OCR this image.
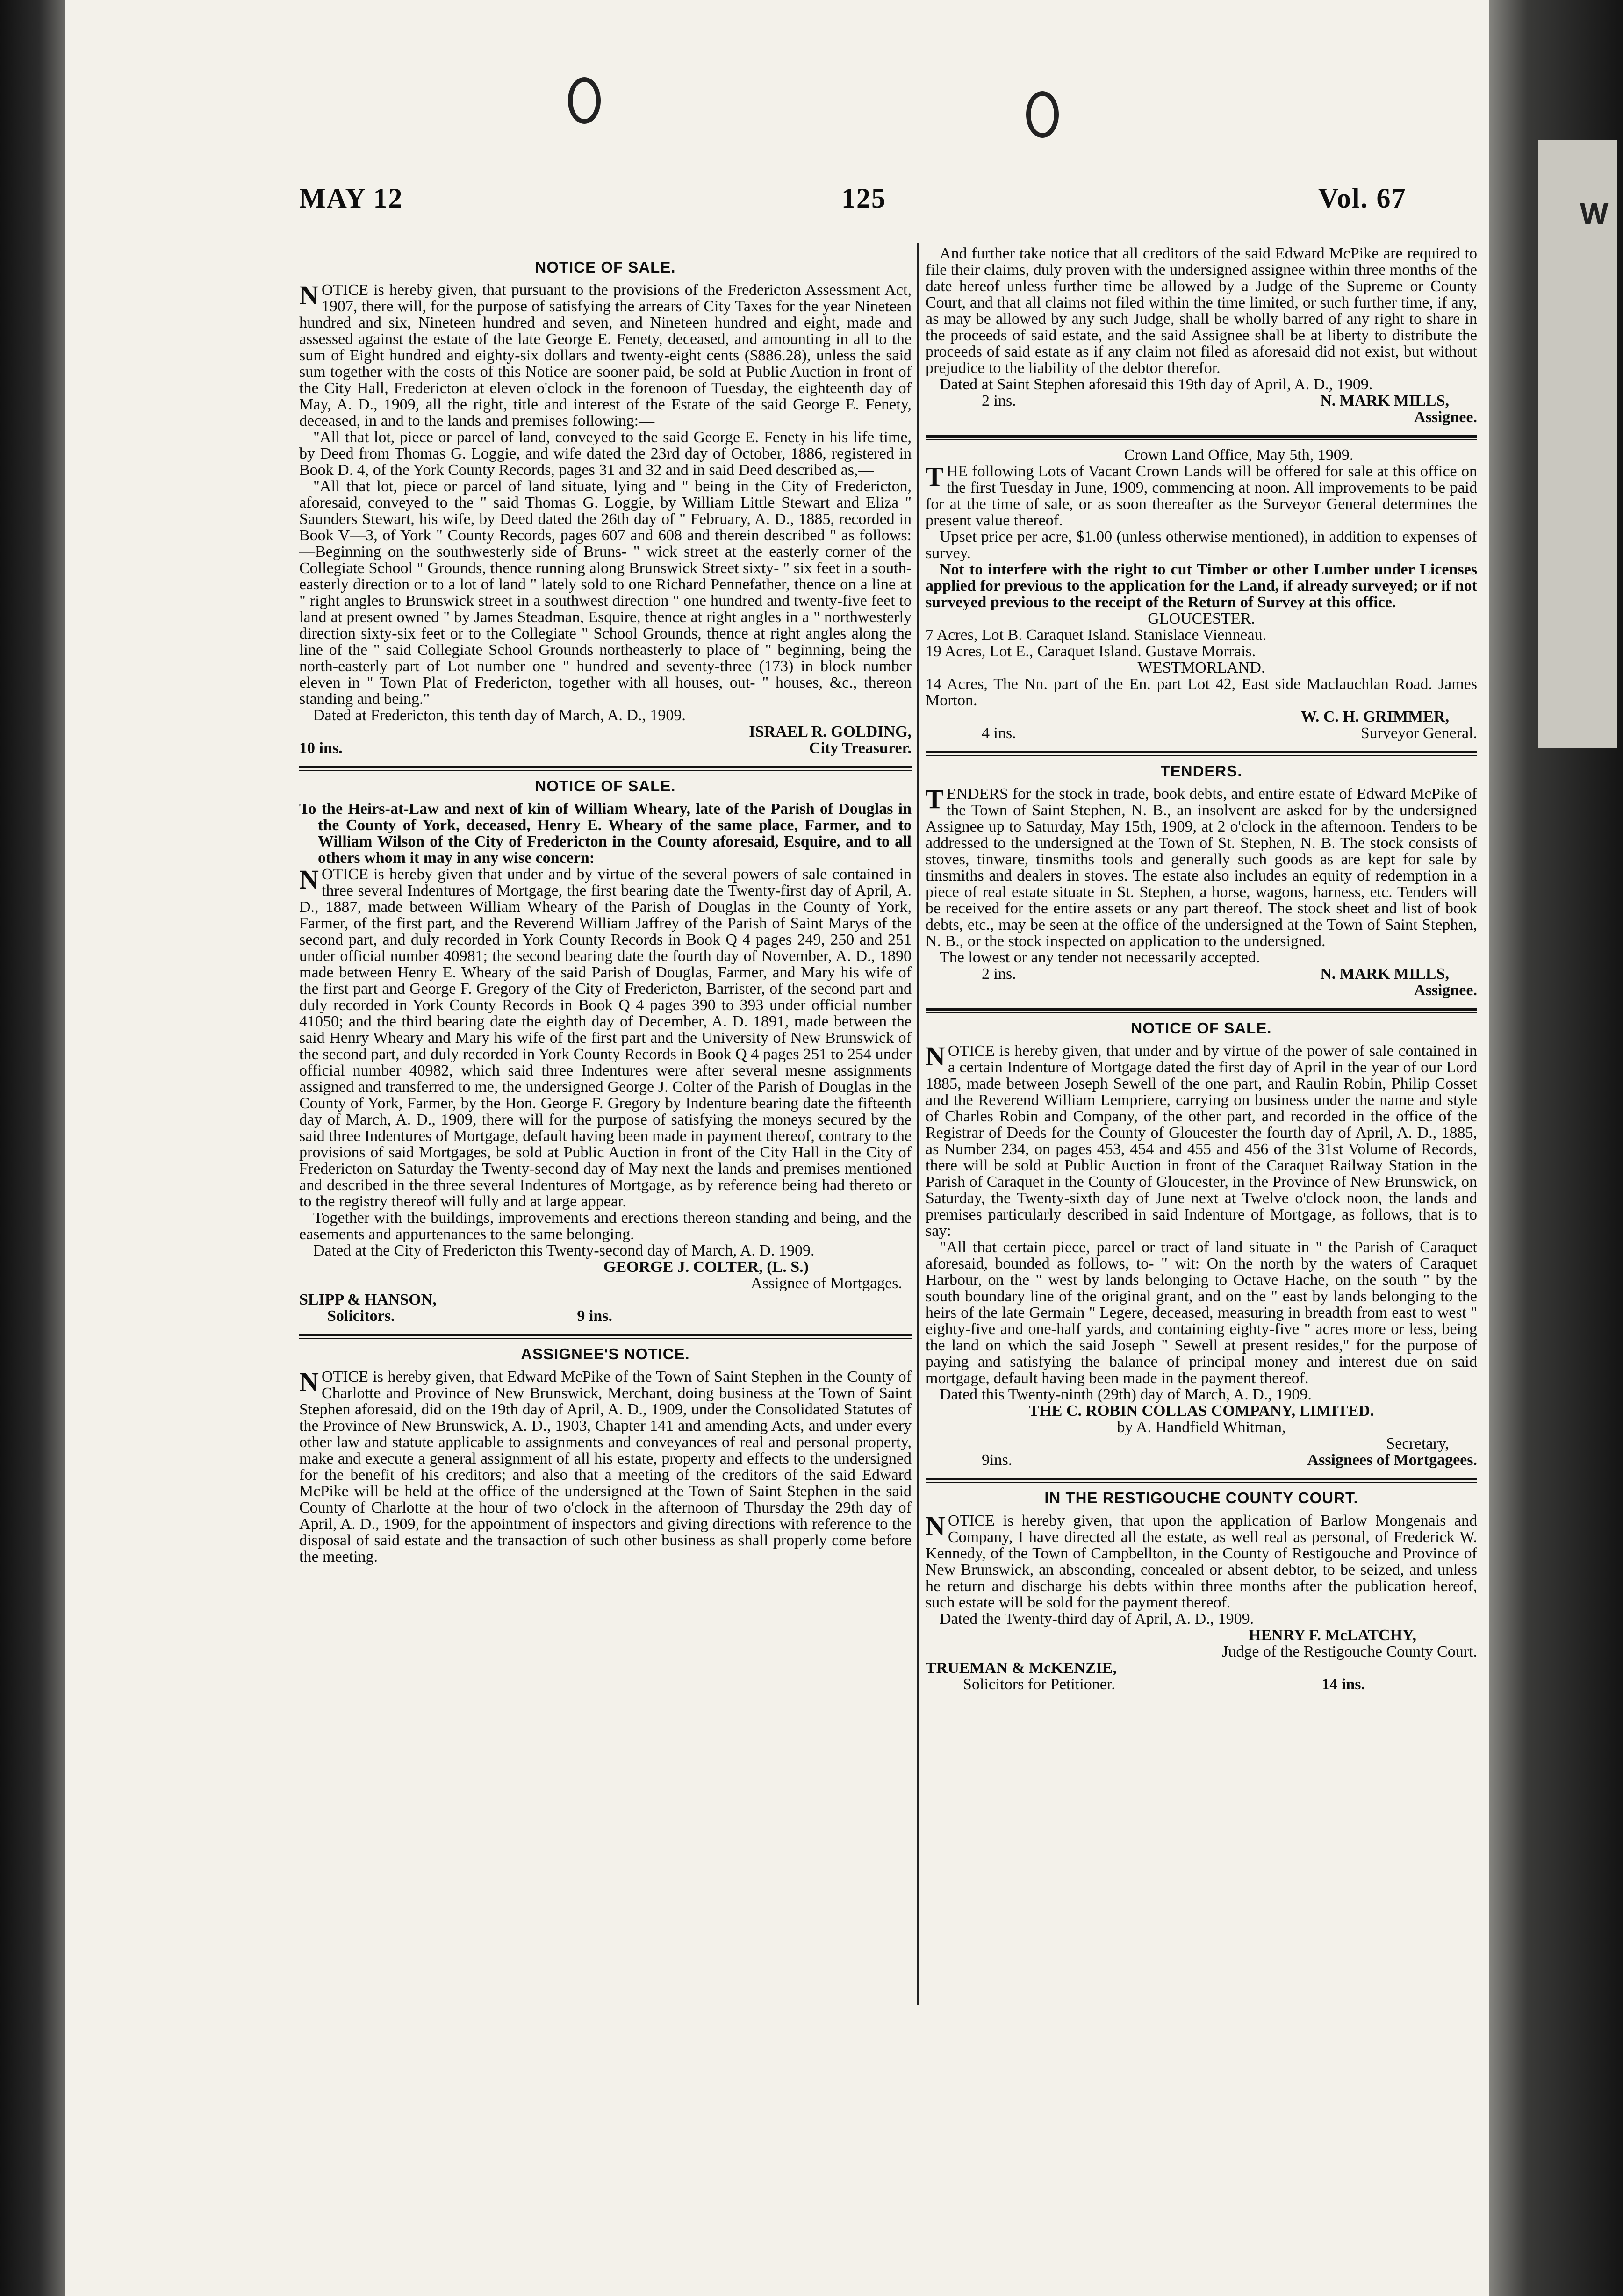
W
MAY 12	125	Vol. 67
NOTICE OF SALE.

NOTICE is hereby given, that pursuant to the provisions of the Fredericton Assessment Act, 1907, there will, for the purpose of satisfying the arrears of City Taxes for the year Nineteen hundred and six, Nineteen hundred and seven, and Nineteen hundred and eight, made and assessed against the estate of the late George E. Fenety, deceased, and amounting in all to the sum of Eight hundred and eighty-six dollars and twenty-eight cents ($886.28), unless the said sum together with the costs of this Notice are sooner paid, be sold at Public Auction in front of the City Hall, Fredericton at eleven o'clock in the forenoon of Tuesday, the eighteenth day of May, A. D., 1909, all the right, title and interest of the Estate of the said George E. Fenety, deceased, in and to the lands and premises following:—

"All that lot, piece or parcel of land, conveyed to the said George E. Fenety in his life time, by Deed from Thomas G. Loggie, and wife dated the 23rd day of October, 1886, registered in Book D. 4, of the York County Records, pages 31 and 32 and in said Deed described as,—

"All that lot, piece or parcel of land situate, lying and " being in the City of Fredericton, aforesaid, conveyed to the " said Thomas G. Loggie, by William Little Stewart and Eliza " Saunders Stewart, his wife, by Deed dated the 26th day of " February, A. D., 1885, recorded in Book V—3, of York " County Records, pages 607 and 608 and therein described " as follows:—Beginning on the southwesterly side of Bruns- " wick street at the easterly corner of the Collegiate School " Grounds, thence running along Brunswick Street sixty- " six feet in a south-easterly direction or to a lot of land " lately sold to one Richard Pennefather, thence on a line at " right angles to Brunswick street in a southwest direction " one hundred and twenty-five feet to land at present owned " by James Steadman, Esquire, thence at right angles in a " northwesterly direction sixty-six feet or to the Collegiate " School Grounds, thence at right angles along the line of the " said Collegiate School Grounds northeasterly to place of " beginning, being the north-easterly part of Lot number one " hundred and seventy-three (173) in block number eleven in " Town Plat of Fredericton, together with all houses, out- " houses, &c., thereon standing and being."

Dated at Fredericton, this tenth day of March, A. D., 1909.

ISRAEL R. GOLDING,
10 ins.	City Treasurer.
NOTICE OF SALE.

To the Heirs-at-Law and next of kin of William Wheary, late of the Parish of Douglas in the County of York, deceased, Henry E. Wheary of the same place, Farmer, and to William Wilson of the City of Fredericton in the County aforesaid, Esquire, and to all others whom it may in any wise concern:

NOTICE is hereby given that under and by virtue of the several powers of sale contained in three several Indentures of Mortgage, the first bearing date the Twenty-first day of April, A. D., 1887, made between William Wheary of the Parish of Douglas in the County of York, Farmer, of the first part, and the Reverend William Jaffrey of the Parish of Saint Marys of the second part, and duly recorded in York County Records in Book Q 4 pages 249, 250 and 251 under official number 40981; the second bearing date the fourth day of November, A. D., 1890 made between Henry E. Wheary of the said Parish of Douglas, Farmer, and Mary his wife of the first part and George F. Gregory of the City of Fredericton, Barrister, of the second part and duly recorded in York County Records in Book Q 4 pages 390 to 393 under official number 41050; and the third bearing date the eighth day of December, A. D. 1891, made between the said Henry Wheary and Mary his wife of the first part and the University of New Brunswick of the second part, and duly recorded in York County Records in Book Q 4 pages 251 to 254 under official number 40982, which said three Indentures were after several mesne assignments assigned and transferred to me, the undersigned George J. Colter of the Parish of Douglas in the County of York, Farmer, by the Hon. George F. Gregory by Indenture bearing date the fifteenth day of March, A. D., 1909, there will for the purpose of satisfying the moneys secured by the said three Indentures of Mortgage, default having been made in payment thereof, contrary to the provisions of said Mortgages, be sold at Public Auction in front of the City Hall in the City of Fredericton on Saturday the Twenty-second day of May next the lands and premises mentioned and described in the three several Indentures of Mortgage, as by reference being had thereto or to the registry thereof will fully and at large appear.

Together with the buildings, improvements and erections thereon standing and being, and the easements and appurtenances to the same belonging.

Dated at the City of Fredericton this Twenty-second day of March, A. D. 1909.

GEORGE J. COLTER, (L. S.)
Assignee of Mortgages.
SLIPP & HANSON,
Solicitors.	9 ins.
ASSIGNEE'S NOTICE.

NOTICE is hereby given, that Edward McPike of the Town of Saint Stephen in the County of Charlotte and Province of New Brunswick, Merchant, doing business at the Town of Saint Stephen aforesaid, did on the 19th day of April, A. D., 1909, under the Consolidated Statutes of the Province of New Brunswick, A. D., 1903, Chapter 141 and amending Acts, and under every other law and statute applicable to assignments and conveyances of real and personal property, make and execute a general assignment of all his estate, property and effects to the undersigned for the benefit of his creditors; and also that a meeting of the creditors of the said Edward McPike will be held at the office of the undersigned at the Town of Saint Stephen in the said County of Charlotte at the hour of two o'clock in the afternoon of Thursday the 29th day of April, A. D., 1909, for the appointment of inspectors and giving directions with reference to the disposal of said estate and the transaction of such other business as shall properly come before the meeting.

And further take notice that all creditors of the said Edward McPike are required to file their claims, duly proven with the undersigned assignee within three months of the date hereof unless further time be allowed by a Judge of the Supreme or County Court, and that all claims not filed within the time limited, or such further time, if any, as may be allowed by any such Judge, shall be wholly barred of any right to share in the proceeds of said estate, and the said Assignee shall be at liberty to distribute the proceeds of said estate as if any claim not filed as aforesaid did not exist, but without prejudice to the liability of the debtor therefor.

Dated at Saint Stephen aforesaid this 19th day of April, A. D., 1909.

2 ins.	N. MARK MILLS,
Assignee.
Crown Land Office, May 5th, 1909.

THE following Lots of Vacant Crown Lands will be offered for sale at this office on the first Tuesday in June, 1909, commencing at noon. All improvements to be paid for at the time of sale, or as soon thereafter as the Surveyor General determines the present value thereof.

Upset price per acre, $1.00 (unless otherwise mentioned), in addition to expenses of survey.

Not to interfere with the right to cut Timber or other Lumber under Licenses applied for previous to the application for the Land, if already surveyed; or if not surveyed previous to the receipt of the Return of Survey at this office.

GLOUCESTER.

7 Acres, Lot B. Caraquet Island. Stanislace Vienneau.

19 Acres, Lot E., Caraquet Island. Gustave Morrais.

WESTMORLAND.

14 Acres, The Nn. part of the En. part Lot 42, East side Maclauchlan Road. James Morton.

W. C. H. GRIMMER,
4 ins.	Surveyor General.
TENDERS.

TENDERS for the stock in trade, book debts, and entire estate of Edward McPike of the Town of Saint Stephen, N. B., an insolvent are asked for by the undersigned Assignee up to Saturday, May 15th, 1909, at 2 o'clock in the afternoon. Tenders to be addressed to the undersigned at the Town of St. Stephen, N. B. The stock consists of stoves, tinware, tinsmiths tools and generally such goods as are kept for sale by tinsmiths and dealers in stoves. The estate also includes an equity of redemption in a piece of real estate situate in St. Stephen, a horse, wagons, harness, etc. Tenders will be received for the entire assets or any part thereof. The stock sheet and list of book debts, etc., may be seen at the office of the undersigned at the Town of Saint Stephen, N. B., or the stock inspected on application to the undersigned.

The lowest or any tender not necessarily accepted.

2 ins.	N. MARK MILLS,
Assignee.
NOTICE OF SALE.

NOTICE is hereby given, that under and by virtue of the power of sale contained in a certain Indenture of Mortgage dated the first day of April in the year of our Lord 1885, made between Joseph Sewell of the one part, and Raulin Robin, Philip Cosset and the Reverend William Lempriere, carrying on business under the name and style of Charles Robin and Company, of the other part, and recorded in the office of the Registrar of Deeds for the County of Gloucester the fourth day of April, A. D., 1885, as Number 234, on pages 453, 454 and 455 and 456 of the 31st Volume of Records, there will be sold at Public Auction in front of the Caraquet Railway Station in the Parish of Caraquet in the County of Gloucester, in the Province of New Brunswick, on Saturday, the Twenty-sixth day of June next at Twelve o'clock noon, the lands and premises particularly described in said Indenture of Mortgage, as follows, that is to say:

"All that certain piece, parcel or tract of land situate in " the Parish of Caraquet aforesaid, bounded as follows, to- " wit: On the north by the waters of Caraquet Harbour, on the " west by lands belonging to Octave Hache, on the south " by the south boundary line of the original grant, and on the " east by lands belonging to the heirs of the late Germain " Legere, deceased, measuring in breadth from east to west " eighty-five and one-half yards, and containing eighty-five " acres more or less, being the land on which the said Joseph " Sewell at present resides," for the purpose of paying and satisfying the balance of principal money and interest due on said mortgage, default having been made in the payment thereof.

Dated this Twenty-ninth (29th) day of March, A. D., 1909.

THE C. ROBIN COLLAS COMPANY, LIMITED.
by A. Handfield Whitman,
Secretary,
9ins.	Assignees of Mortgagees.
IN THE RESTIGOUCHE COUNTY COURT.

NOTICE is hereby given, that upon the application of Barlow Mongenais and Company, I have directed all the estate, as well real as personal, of Frederick W. Kennedy, of the Town of Campbellton, in the County of Restigouche and Province of New Brunswick, an absconding, concealed or absent debtor, to be seized, and unless he return and discharge his debts within three months after the publication hereof, such estate will be sold for the payment thereof.

Dated the Twenty-third day of April, A. D., 1909.

HENRY F. McLATCHY,
Judge of the Restigouche County Court.
TRUEMAN & McKENZIE,
Solicitors for Petitioner.	14 ins.
